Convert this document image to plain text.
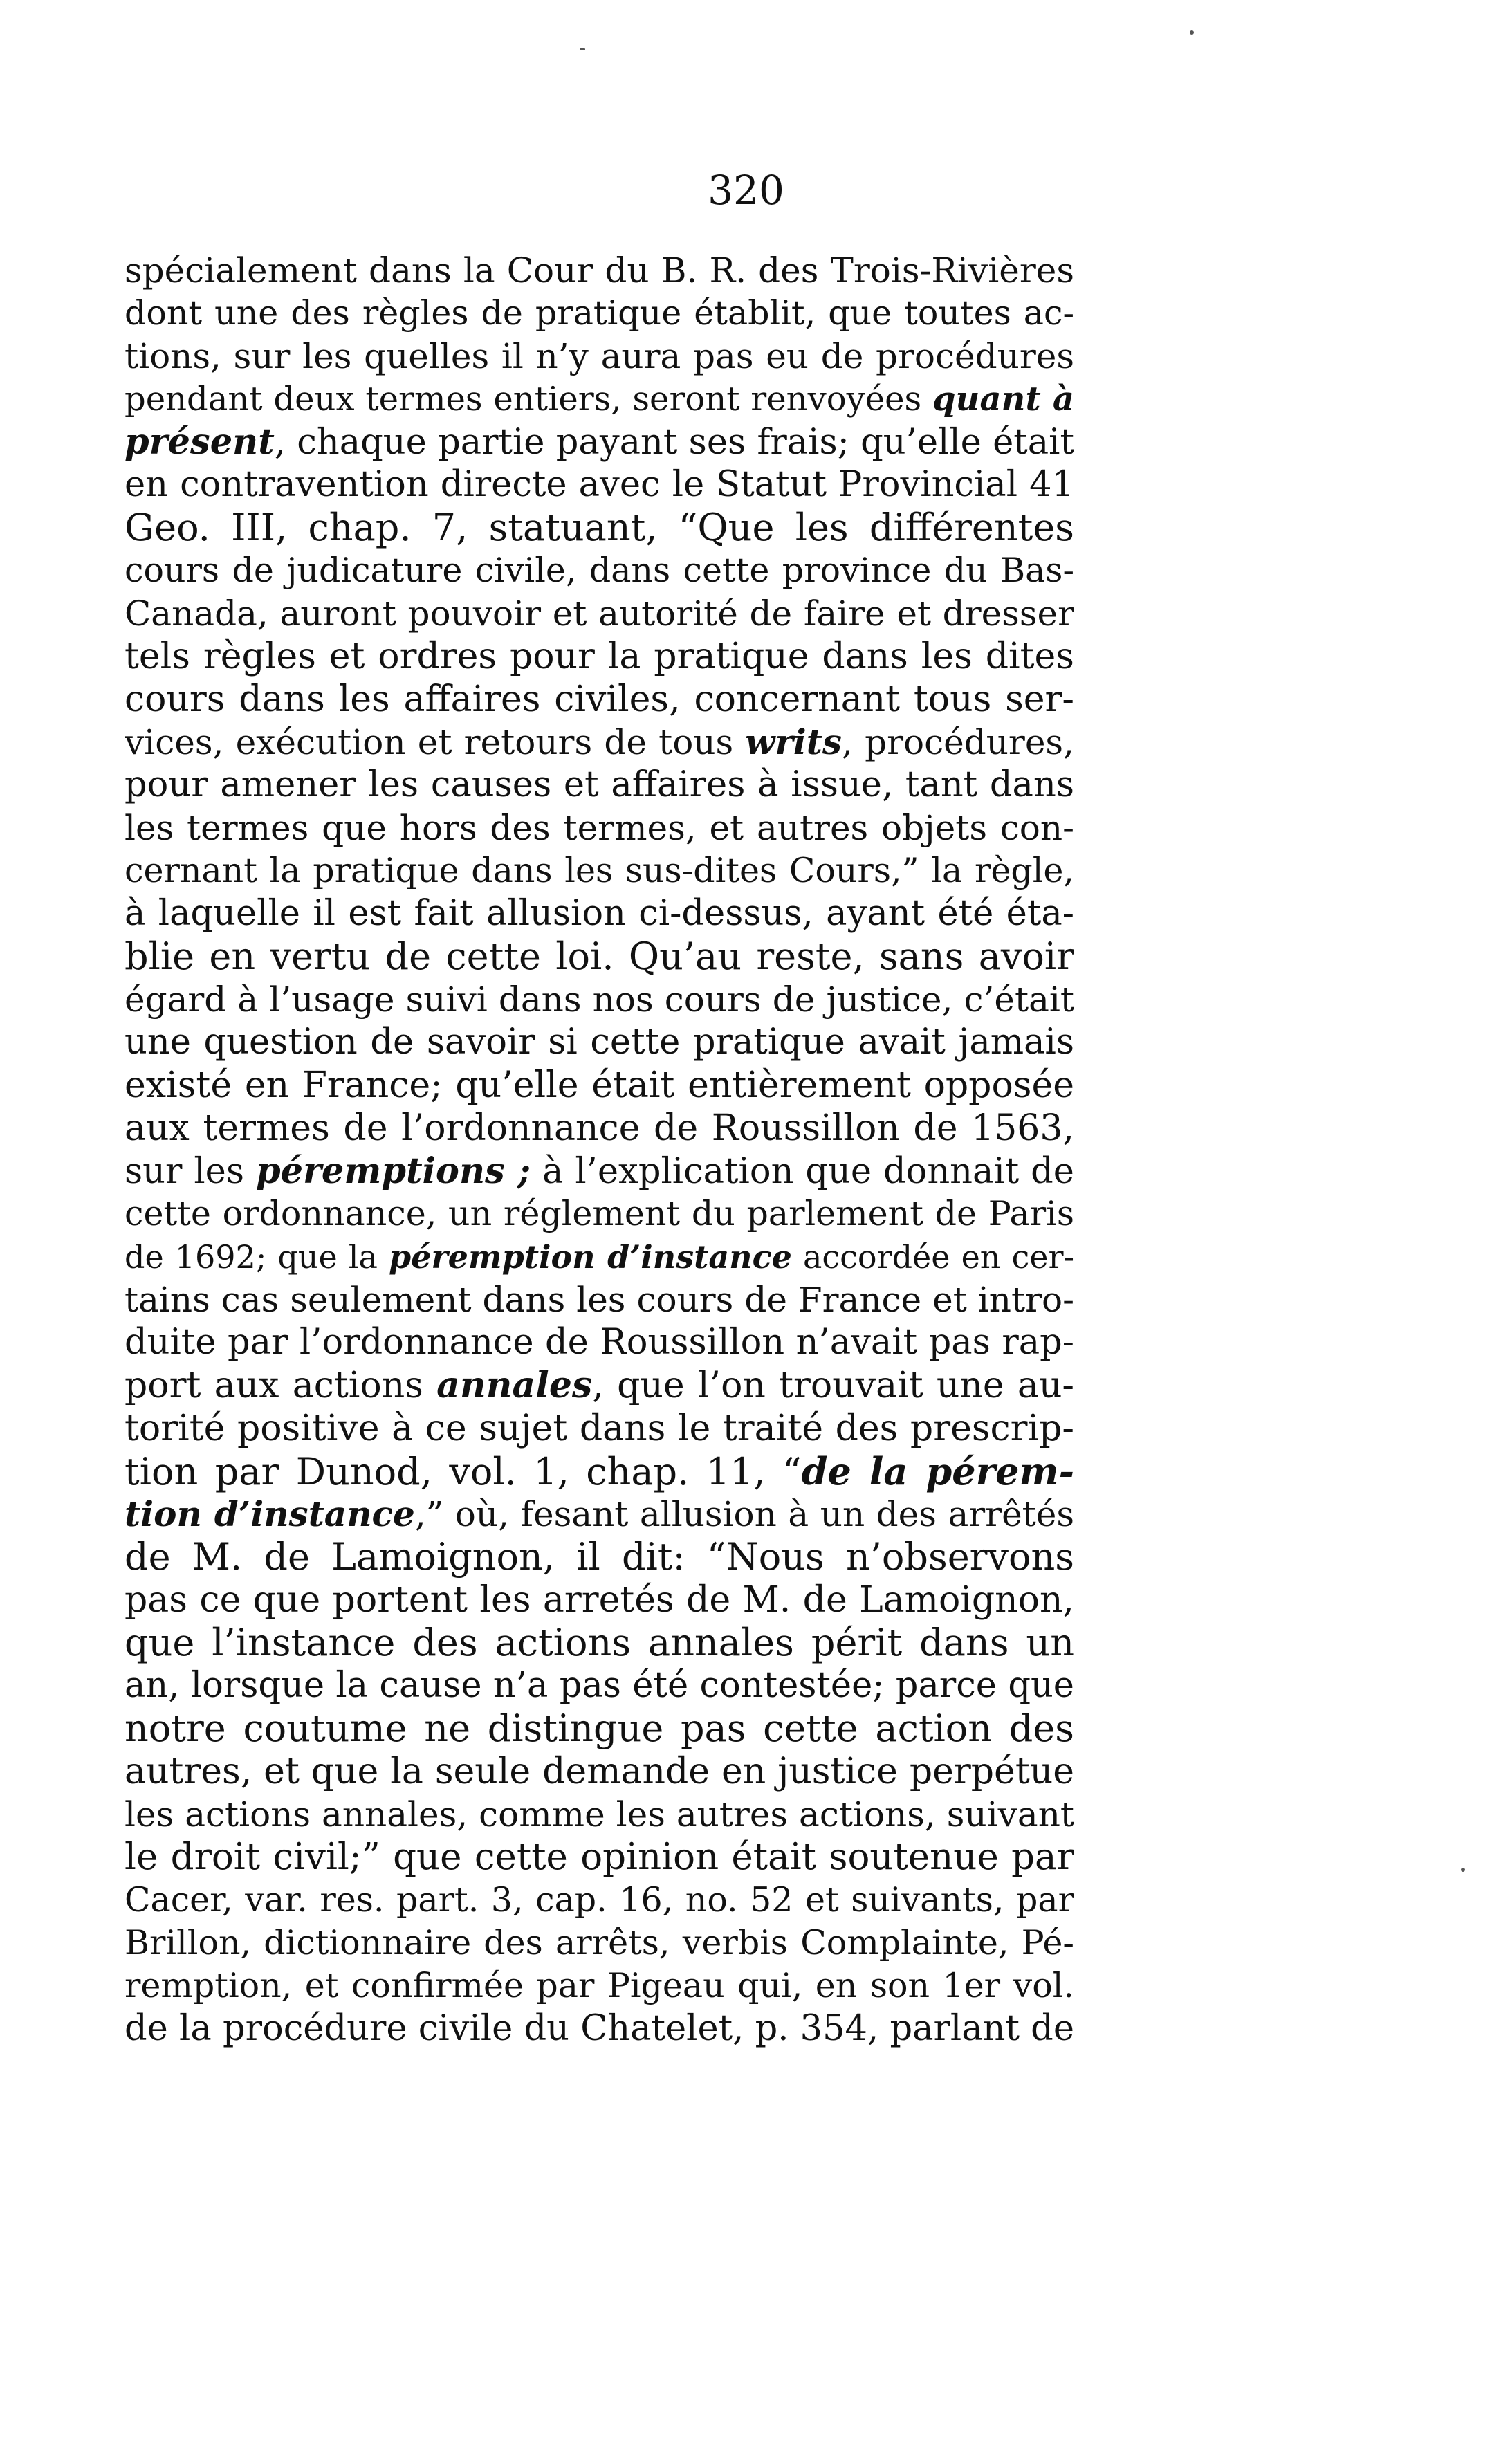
320
spécialement dans la Cour du B. R. des Trois-Rivières
dont une des règles de pratique établit, que toutes ac-
tions, sur les quelles il n’y aura pas eu de procédures
pendant deux termes entiers, seront renvoyées quant à
présent, chaque partie payant ses frais; qu’elle était
en contravention directe avec le Statut Provincial 41
Geo. III, chap. 7, statuant, “Que les différentes
cours de judicature civile, dans cette province du Bas-
Canada, auront pouvoir et autorité de faire et dresser
tels règles et ordres pour la pratique dans les dites
cours dans les affaires civiles, concernant tous ser-
vices, exécution et retours de tous writs, procédures,
pour amener les causes et affaires à issue, tant dans
les termes que hors des termes, et autres objets con-
cernant la pratique dans les sus-dites Cours,” la règle,
à laquelle il est fait allusion ci-dessus, ayant été éta-
blie en vertu de cette loi. Qu’au reste, sans avoir
égard à l’usage suivi dans nos cours de justice, c’était
une question de savoir si cette pratique avait jamais
existé en France; qu’elle était entièrement opposée
aux termes de l’ordonnance de Roussillon de 1563,
sur les péremptions ; à l’explication que donnait de
cette ordonnance, un réglement du parlement de Paris
de 1692; que la péremption d’instance accordée en cer-
tains cas seulement dans les cours de France et intro-
duite par l’ordonnance de Roussillon n’avait pas rap-
port aux actions annales, que l’on trouvait une au-
torité positive à ce sujet dans le traité des prescrip-
tion par Dunod, vol. 1, chap. 11, “de la pérem-
tion d’instance,” où, fesant allusion à un des arrêtés
de M. de Lamoignon, il dit: “Nous n’observons
pas ce que portent les arretés de M. de Lamoignon,
que l’instance des actions annales périt dans un
an, lorsque la cause n’a pas été contestée; parce que
notre coutume ne distingue pas cette action des
autres, et que la seule demande en justice perpétue
les actions annales, comme les autres actions, suivant
le droit civil;” que cette opinion était soutenue par
Cacer, var. res. part. 3, cap. 16, no. 52 et suivants, par
Brillon, dictionnaire des arrêts, verbis Complainte, Pé-
remption, et confirmée par Pigeau qui, en son 1er vol.
de la procédure civile du Chatelet, p. 354, parlant de
